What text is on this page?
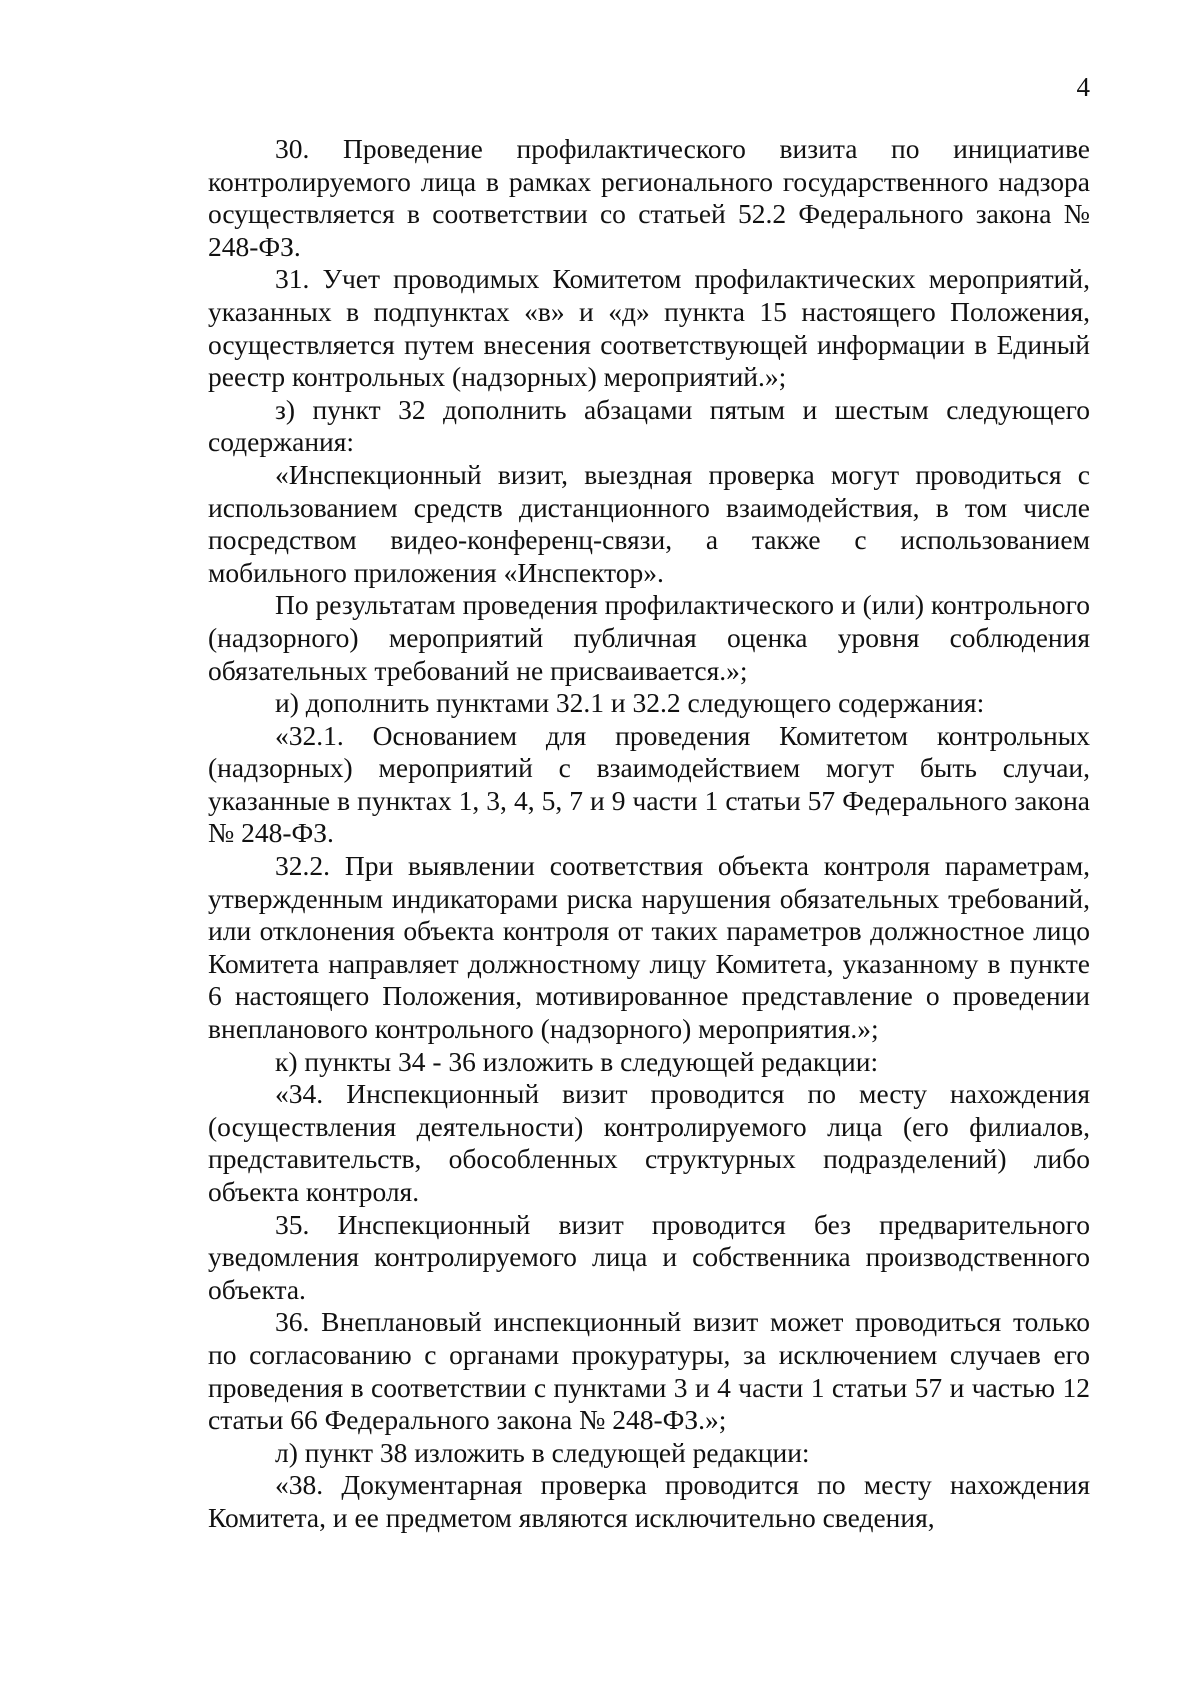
4

30. Проведение профилактического визита по инициативе контролируемого лица в рамках регионального государственного надзора осуществляется в соответствии со статьей 52.2 Федерального закона № 248-ФЗ.

31. Учет проводимых Комитетом профилактических мероприятий, указанных в подпунктах «в» и «д» пункта 15 настоящего Положения, осуществляется путем внесения соответствующей информации в Единый реестр контрольных (надзорных) мероприятий.»;

з) пункт 32 дополнить абзацами пятым и шестым следующего содержания:

«Инспекционный визит, выездная проверка могут проводиться с использованием средств дистанционного взаимодействия, в том числе посредством видео-конференц-связи, а также с использованием мобильного приложения «Инспектор».

По результатам проведения профилактического и (или) контрольного (надзорного) мероприятий публичная оценка уровня соблюдения обязательных требований не присваивается.»;

и) дополнить пунктами 32.1 и 32.2 следующего содержания:

«32.1. Основанием для проведения Комитетом контрольных (надзорных) мероприятий с взаимодействием могут быть случаи, указанные в пунктах 1, 3, 4, 5, 7 и 9 части 1 статьи 57 Федерального закона № 248-ФЗ.

32.2. При выявлении соответствия объекта контроля параметрам, утвержденным индикаторами риска нарушения обязательных требований, или отклонения объекта контроля от таких параметров должностное лицо Комитета направляет должностному лицу Комитета, указанному в пункте 6 настоящего Положения, мотивированное представление о проведении внепланового контрольного (надзорного) мероприятия.»;

к) пункты 34 - 36 изложить в следующей редакции:

«34. Инспекционный визит проводится по месту нахождения (осуществления деятельности) контролируемого лица (его филиалов, представительств, обособленных структурных подразделений) либо объекта контроля.

35. Инспекционный визит проводится без предварительного уведомления контролируемого лица и собственника производственного объекта.

36. Внеплановый инспекционный визит может проводиться только по согласованию с органами прокуратуры, за исключением случаев его проведения в соответствии с пунктами 3 и 4 части 1 статьи 57 и частью 12 статьи 66 Федерального закона № 248-ФЗ.»;

л) пункт 38 изложить в следующей редакции:

«38. Документарная проверка проводится по месту нахождения Комитета, и ее предметом являются исключительно сведения,
